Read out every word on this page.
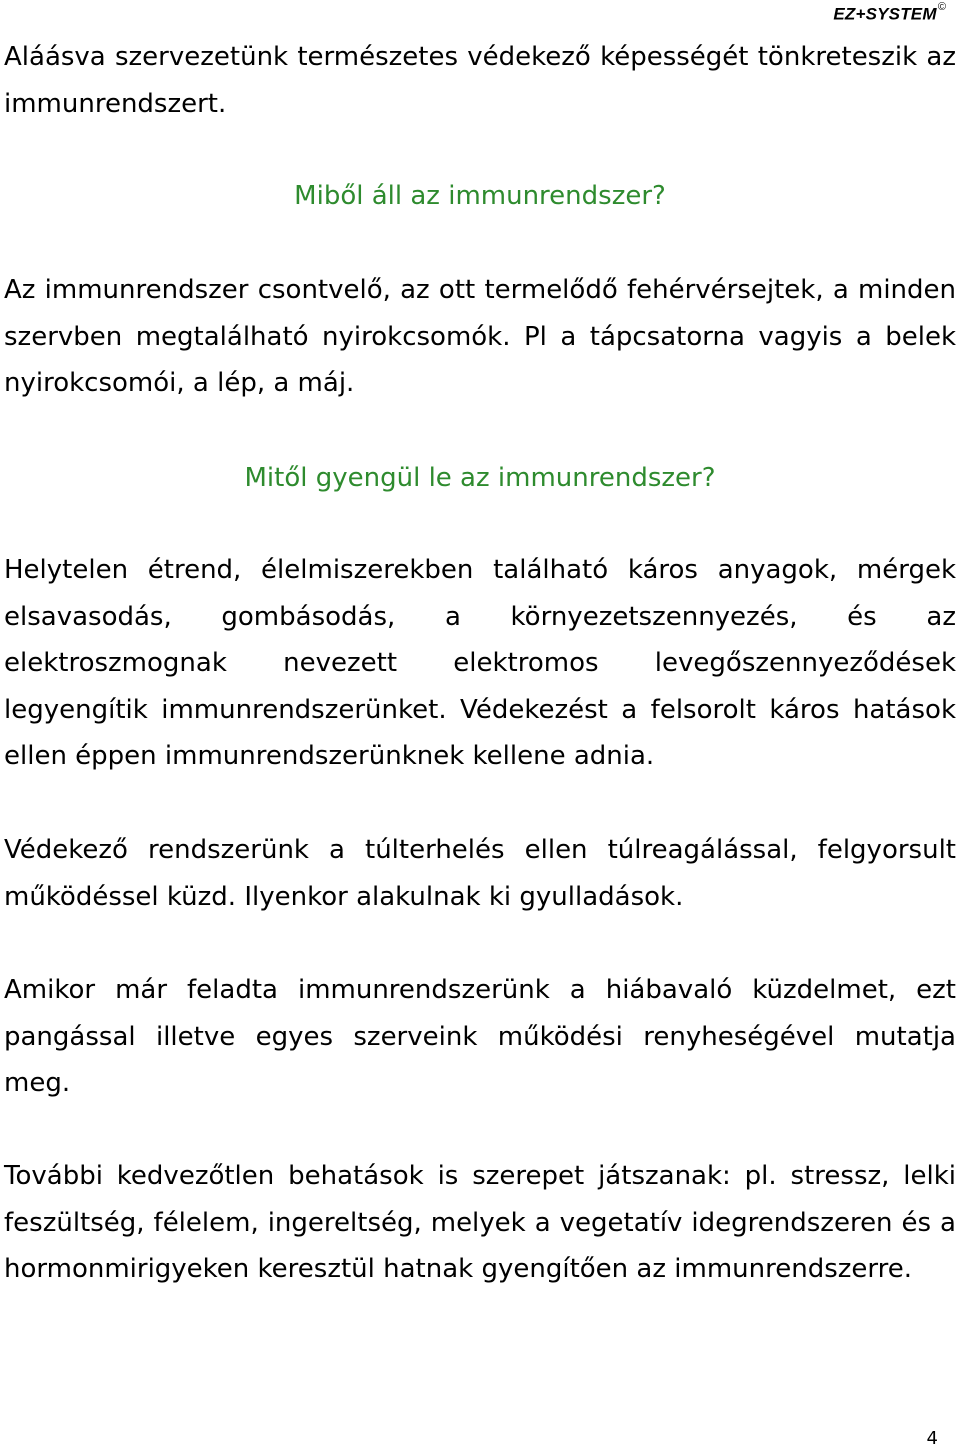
EZ+SYSTEM©

Aláásva szervezetünk természetes védekező képességét tönkreteszik az immunrendszert.

Miből áll az immunrendszer?

Az immunrendszer csontvelő, az ott termelődő fehérvérsejtek, a minden szervben megtalálható nyirokcsomók. Pl a tápcsatorna vagyis a belek nyirokcsomói, a lép, a máj.

Mitől gyengül le az immunrendszer?

Helytelen étrend, élelmiszerekben található káros anyagok, mérgek elsavasodás, gombásodás, a környezetszennyezés, és az elektroszmognak nevezett elektromos levegőszennyeződések legyengítik immunrendszerünket. Védekezést a felsorolt káros hatások ellen éppen immunrendszerünknek kellene adnia.

Védekező rendszerünk a túlterhelés ellen túlreagálással, felgyorsult működéssel küzd. Ilyenkor alakulnak ki gyulladások.

Amikor már feladta immunrendszerünk a hiábavaló küzdelmet, ezt pangással illetve egyes szerveink működési renyheségével mutatja meg.

További kedvezőtlen behatások is szerepet játszanak: pl. stressz, lelki feszültség, félelem, ingereltség, melyek a vegetatív idegrendszeren és a hormonmirigyeken keresztül hatnak gyengítően az immunrendszerre.

4
